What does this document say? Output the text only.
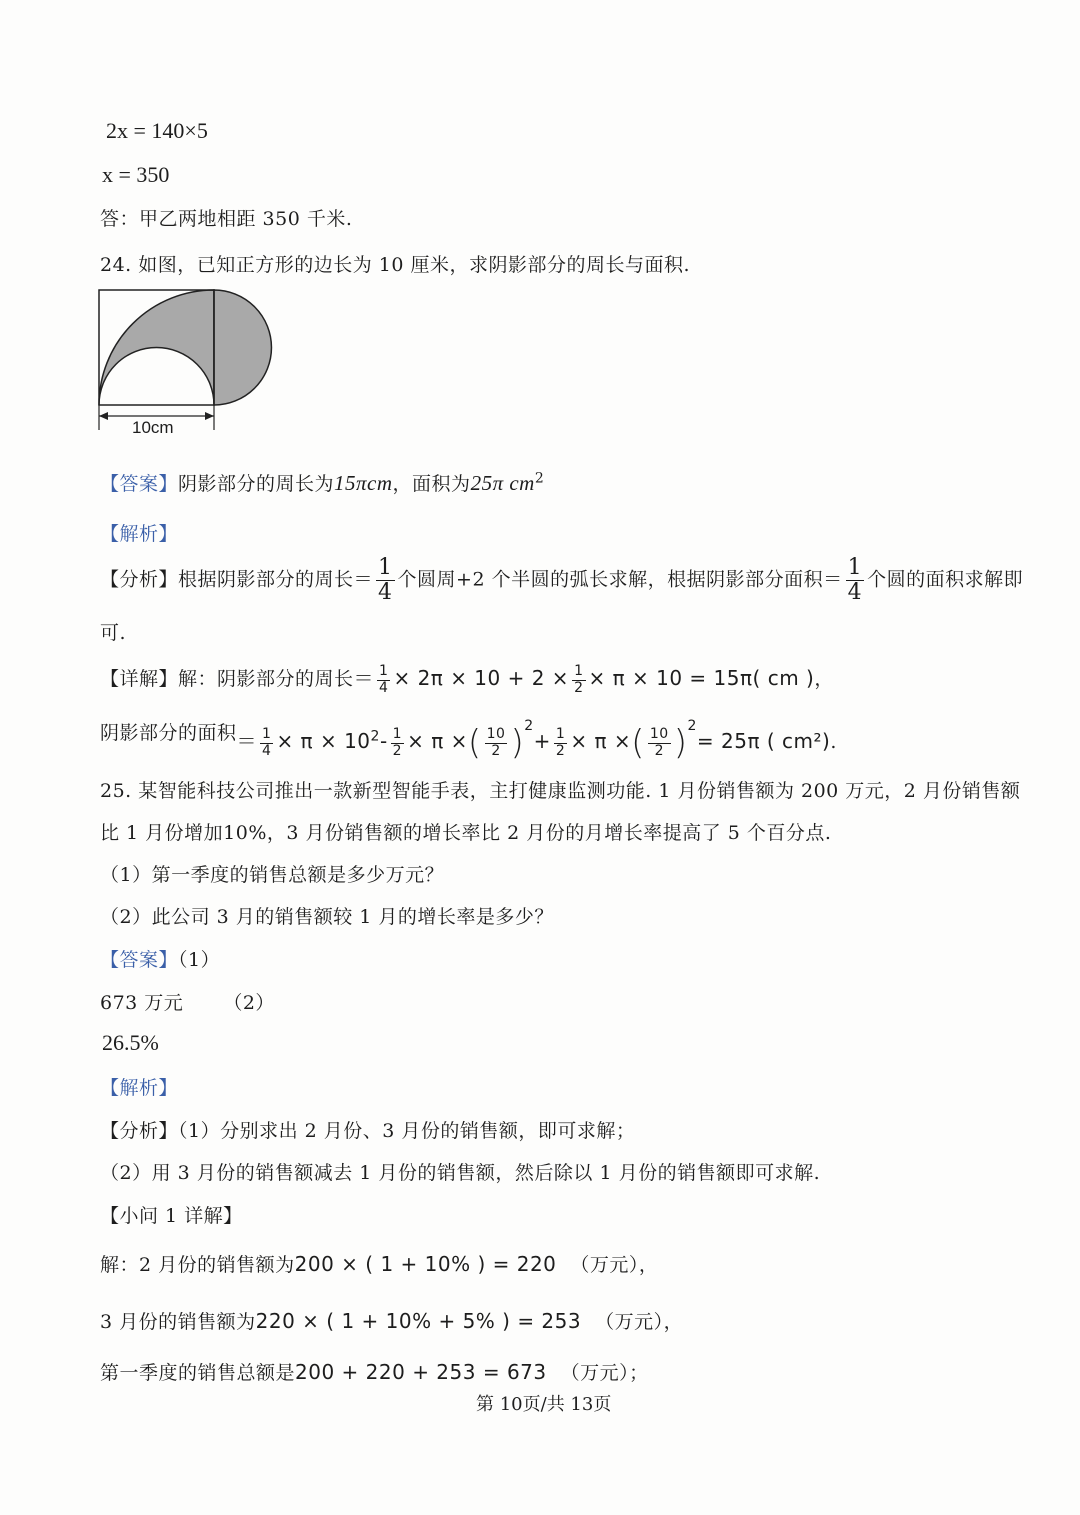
2x = 140×5
x = 350
答：甲乙两地相距 350 千米.
24. 如图，已知正方形的边长为 10 厘米，求阴影部分的周长与面积.
10cm
【答案】阴影部分的周长为15πcm，面积为25π $cm^2$
【解析】
【分析】根据阴影部分的周长＝ $\frac{1}{4}$ 个圆周+2 个半圆的弧长求解，根据阴影部分面积＝ $\frac{1}{4}$ 个圆的面积求解即
可.
【详解】解：阴影部分的周长＝ $\frac{1}{4} \times 2\pi \times 10 + 2 \times \frac{1}{2} \times \pi \times 10 = 15\pi$( cm )，
阴影部分的面积＝ $\frac{1}{4} \times \pi \times 10^2- \frac{1}{2} \times \pi$ ×( $\frac{10}{2} )^2+ \frac{1}{2} \times \pi$ ×( $\frac{10}{2} )^2= 25\pi$ ( cm²).
25. 某智能科技公司推出一款新型智能手表，主打健康监测功能. 1 月份销售额为 200 万元，2 月份销售额
比 1 月份增加10%，3 月份销售额的增长率比 2 月份的月增长率提高了 5 个百分点.
（1）第一季度的销售总额是多少万元？
（2）此公司 3 月的销售额较 1 月的增长率是多少？
【答案】（1）
673 万元 （2）
26.5%
【解析】
【分析】（1）分别求出 2 月份、3 月份的销售额，即可求解；
（2）用 3 月份的销售额减去 1 月份的销售额，然后除以 1 月份的销售额即可求解.
【小问 1 详解】
解：2 月份的销售额为200 × ( 1 + 10% ) = 220 （万元），
3 月份的销售额为220 × ( 1 + 10% + 5% ) = 253 （万元），
第一季度的销售总额是200 + 220 + 253 = 673 （万元）；
第 10页/共 13页
